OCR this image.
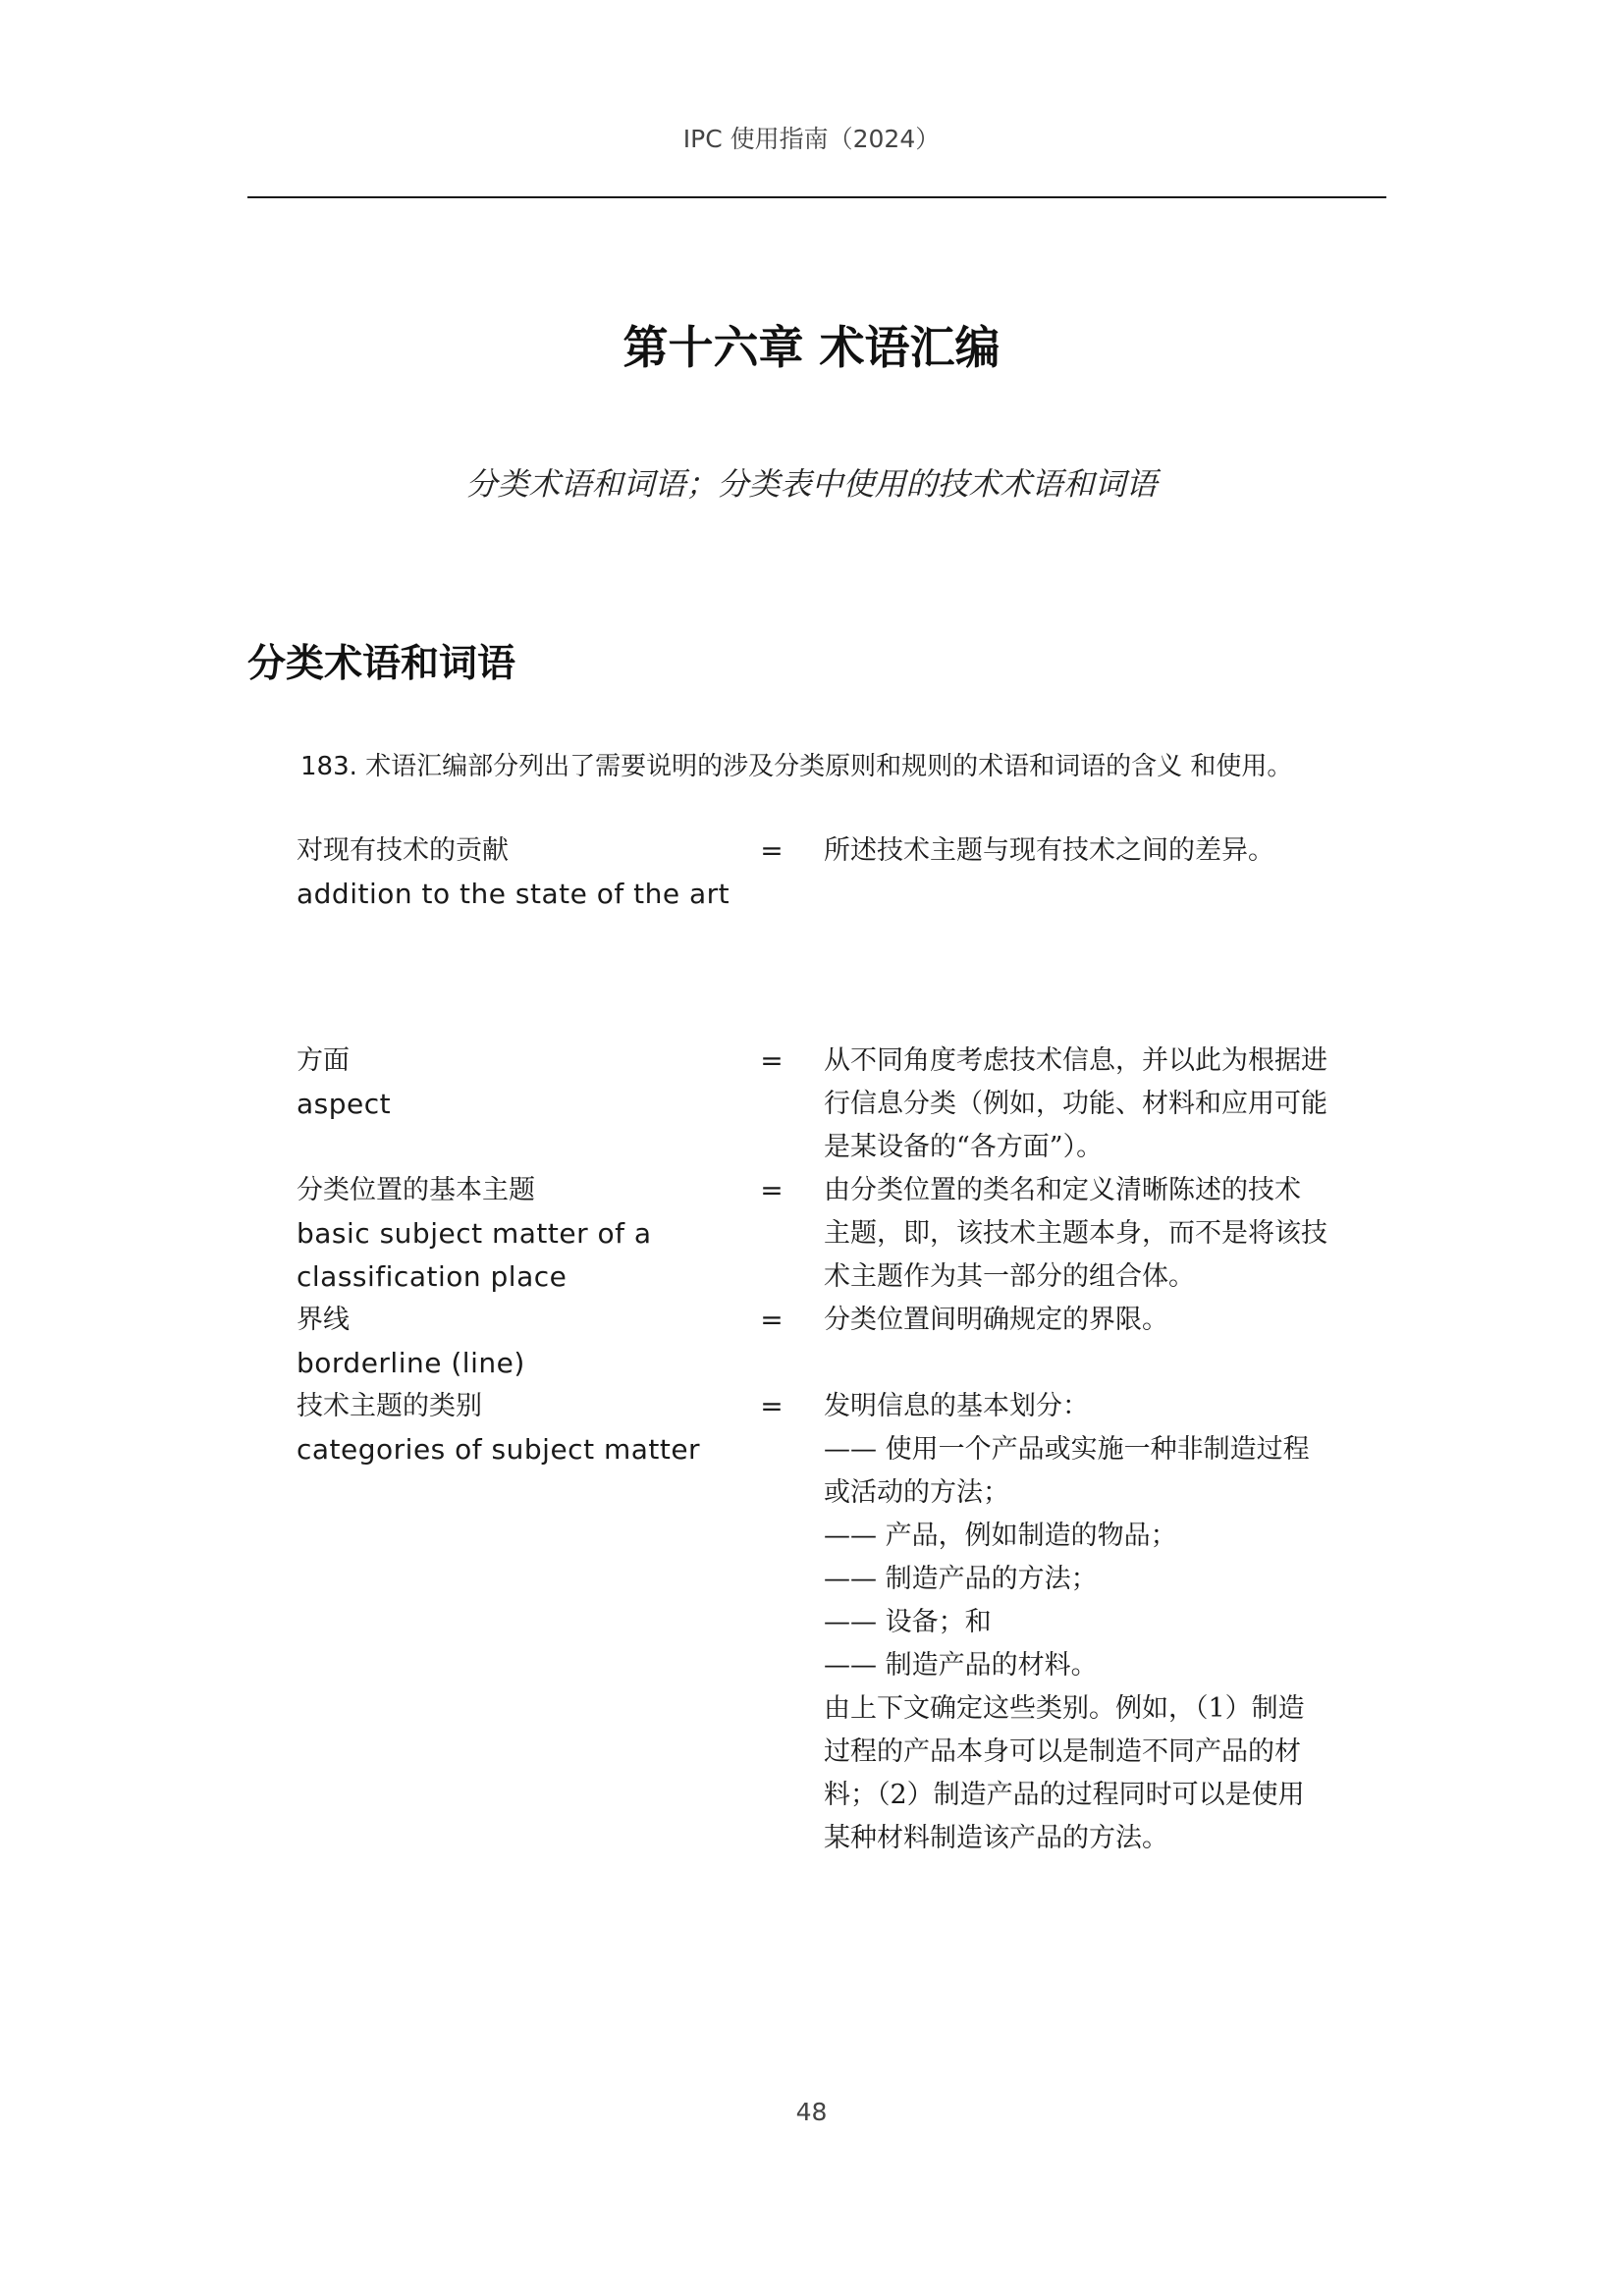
IPC 使用指南（2024）
第十六章 术语汇编
分类术语和词语；分类表中使用的技术术语和词语
分类术语和词语
183. 术语汇编部分列出了需要说明的涉及分类原则和规则的术语和词语的含义 和使用。
对现有技术的贡献
addition to the state of the art
=	所述技术主题与现有技术之间的差异。
方面
aspect
=	从不同角度考虑技术信息，并以此为根据进
行信息分类（例如，功能、材料和应用可能
是某设备的“各方面”）。
分类位置的基本主题
basic subject matter of a
classification place
=	由分类位置的类名和定义清晰陈述的技术
主题，即，该技术主题本身，而不是将该技
术主题作为其一部分的组合体。
界线
borderline (line)
=	分类位置间明确规定的界限。
技术主题的类别
categories of subject matter
=	发明信息的基本划分：
—— 使用一个产品或实施一种非制造过程
或活动的方法；
—— 产品，例如制造的物品；
—— 制造产品的方法；
—— 设备；和
—— 制造产品的材料。
由上下文确定这些类别。例如，（1）制造
过程的产品本身可以是制造不同产品的材
料；（2）制造产品的过程同时可以是使用
某种材料制造该产品的方法。
48
